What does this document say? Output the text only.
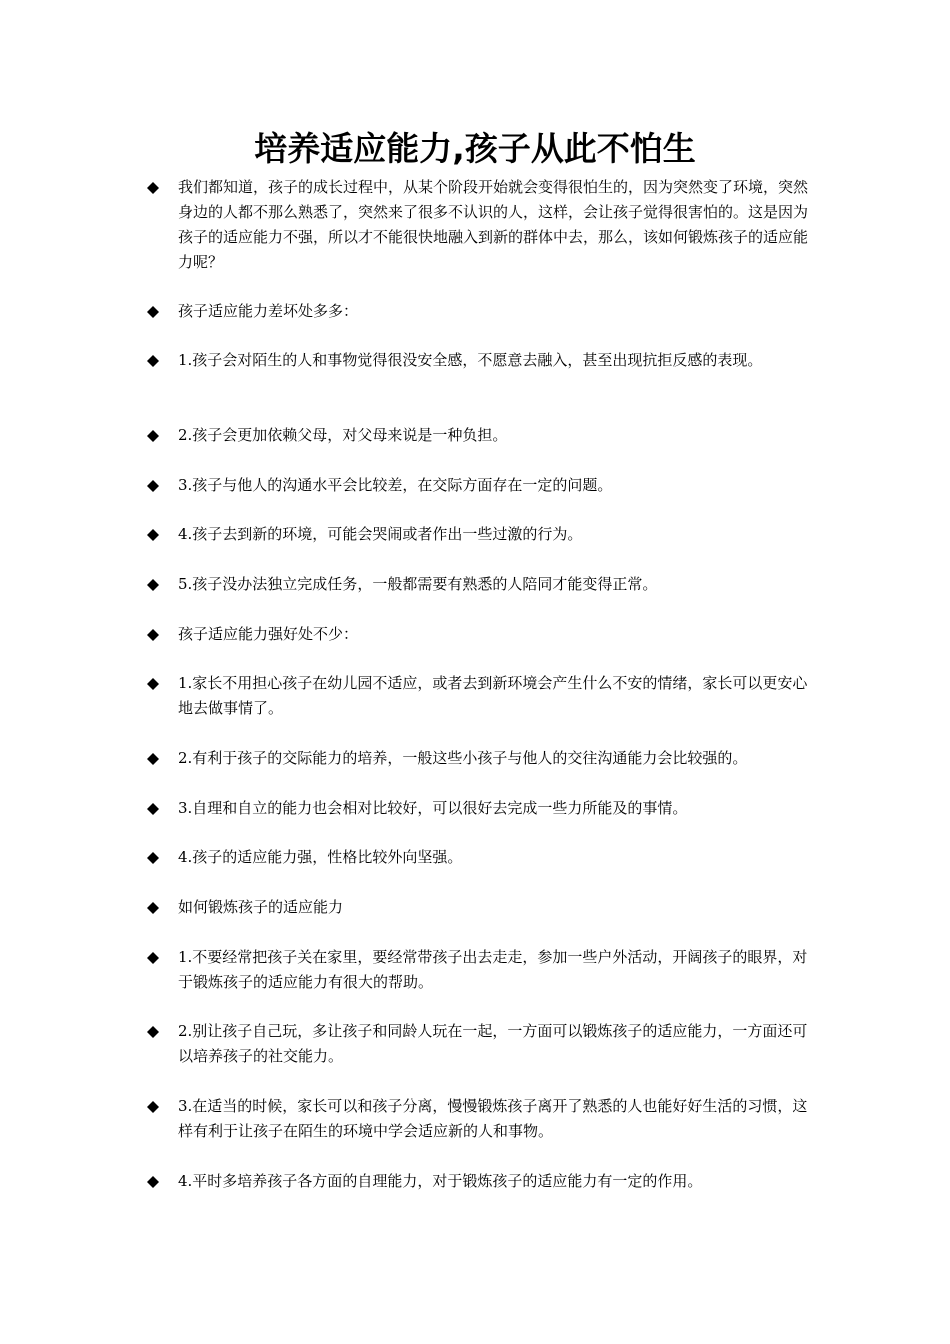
培养适应能力,孩子从此不怕生

我们都知道，孩子的成长过程中，从某个阶段开始就会变得很怕生的，因为突然变了环境，突然身边的人都不那么熟悉了，突然来了很多不认识的人，这样，会让孩子觉得很害怕的。这是因为孩子的适应能力不强，所以才不能很快地融入到新的群体中去，那么，该如何锻炼孩子的适应能力呢？

孩子适应能力差坏处多多：

1.孩子会对陌生的人和事物觉得很没安全感，不愿意去融入，甚至出现抗拒反感的表现。

2.孩子会更加依赖父母，对父母来说是一种负担。

3.孩子与他人的沟通水平会比较差，在交际方面存在一定的问题。

4.孩子去到新的环境，可能会哭闹或者作出一些过激的行为。

5.孩子没办法独立完成任务，一般都需要有熟悉的人陪同才能变得正常。

孩子适应能力强好处不少：

1.家长不用担心孩子在幼儿园不适应，或者去到新环境会产生什么不安的情绪，家长可以更安心地去做事情了。

2.有利于孩子的交际能力的培养，一般这些小孩子与他人的交往沟通能力会比较强的。

3.自理和自立的能力也会相对比较好，可以很好去完成一些力所能及的事情。

4.孩子的适应能力强，性格比较外向坚强。

如何锻炼孩子的适应能力

1.不要经常把孩子关在家里，要经常带孩子出去走走，参加一些户外活动，开阔孩子的眼界，对于锻炼孩子的适应能力有很大的帮助。

2.别让孩子自己玩，多让孩子和同龄人玩在一起，一方面可以锻炼孩子的适应能力，一方面还可以培养孩子的社交能力。

3.在适当的时候，家长可以和孩子分离，慢慢锻炼孩子离开了熟悉的人也能好好生活的习惯，这样有利于让孩子在陌生的环境中学会适应新的人和事物。

4.平时多培养孩子各方面的自理能力，对于锻炼孩子的适应能力有一定的作用。
